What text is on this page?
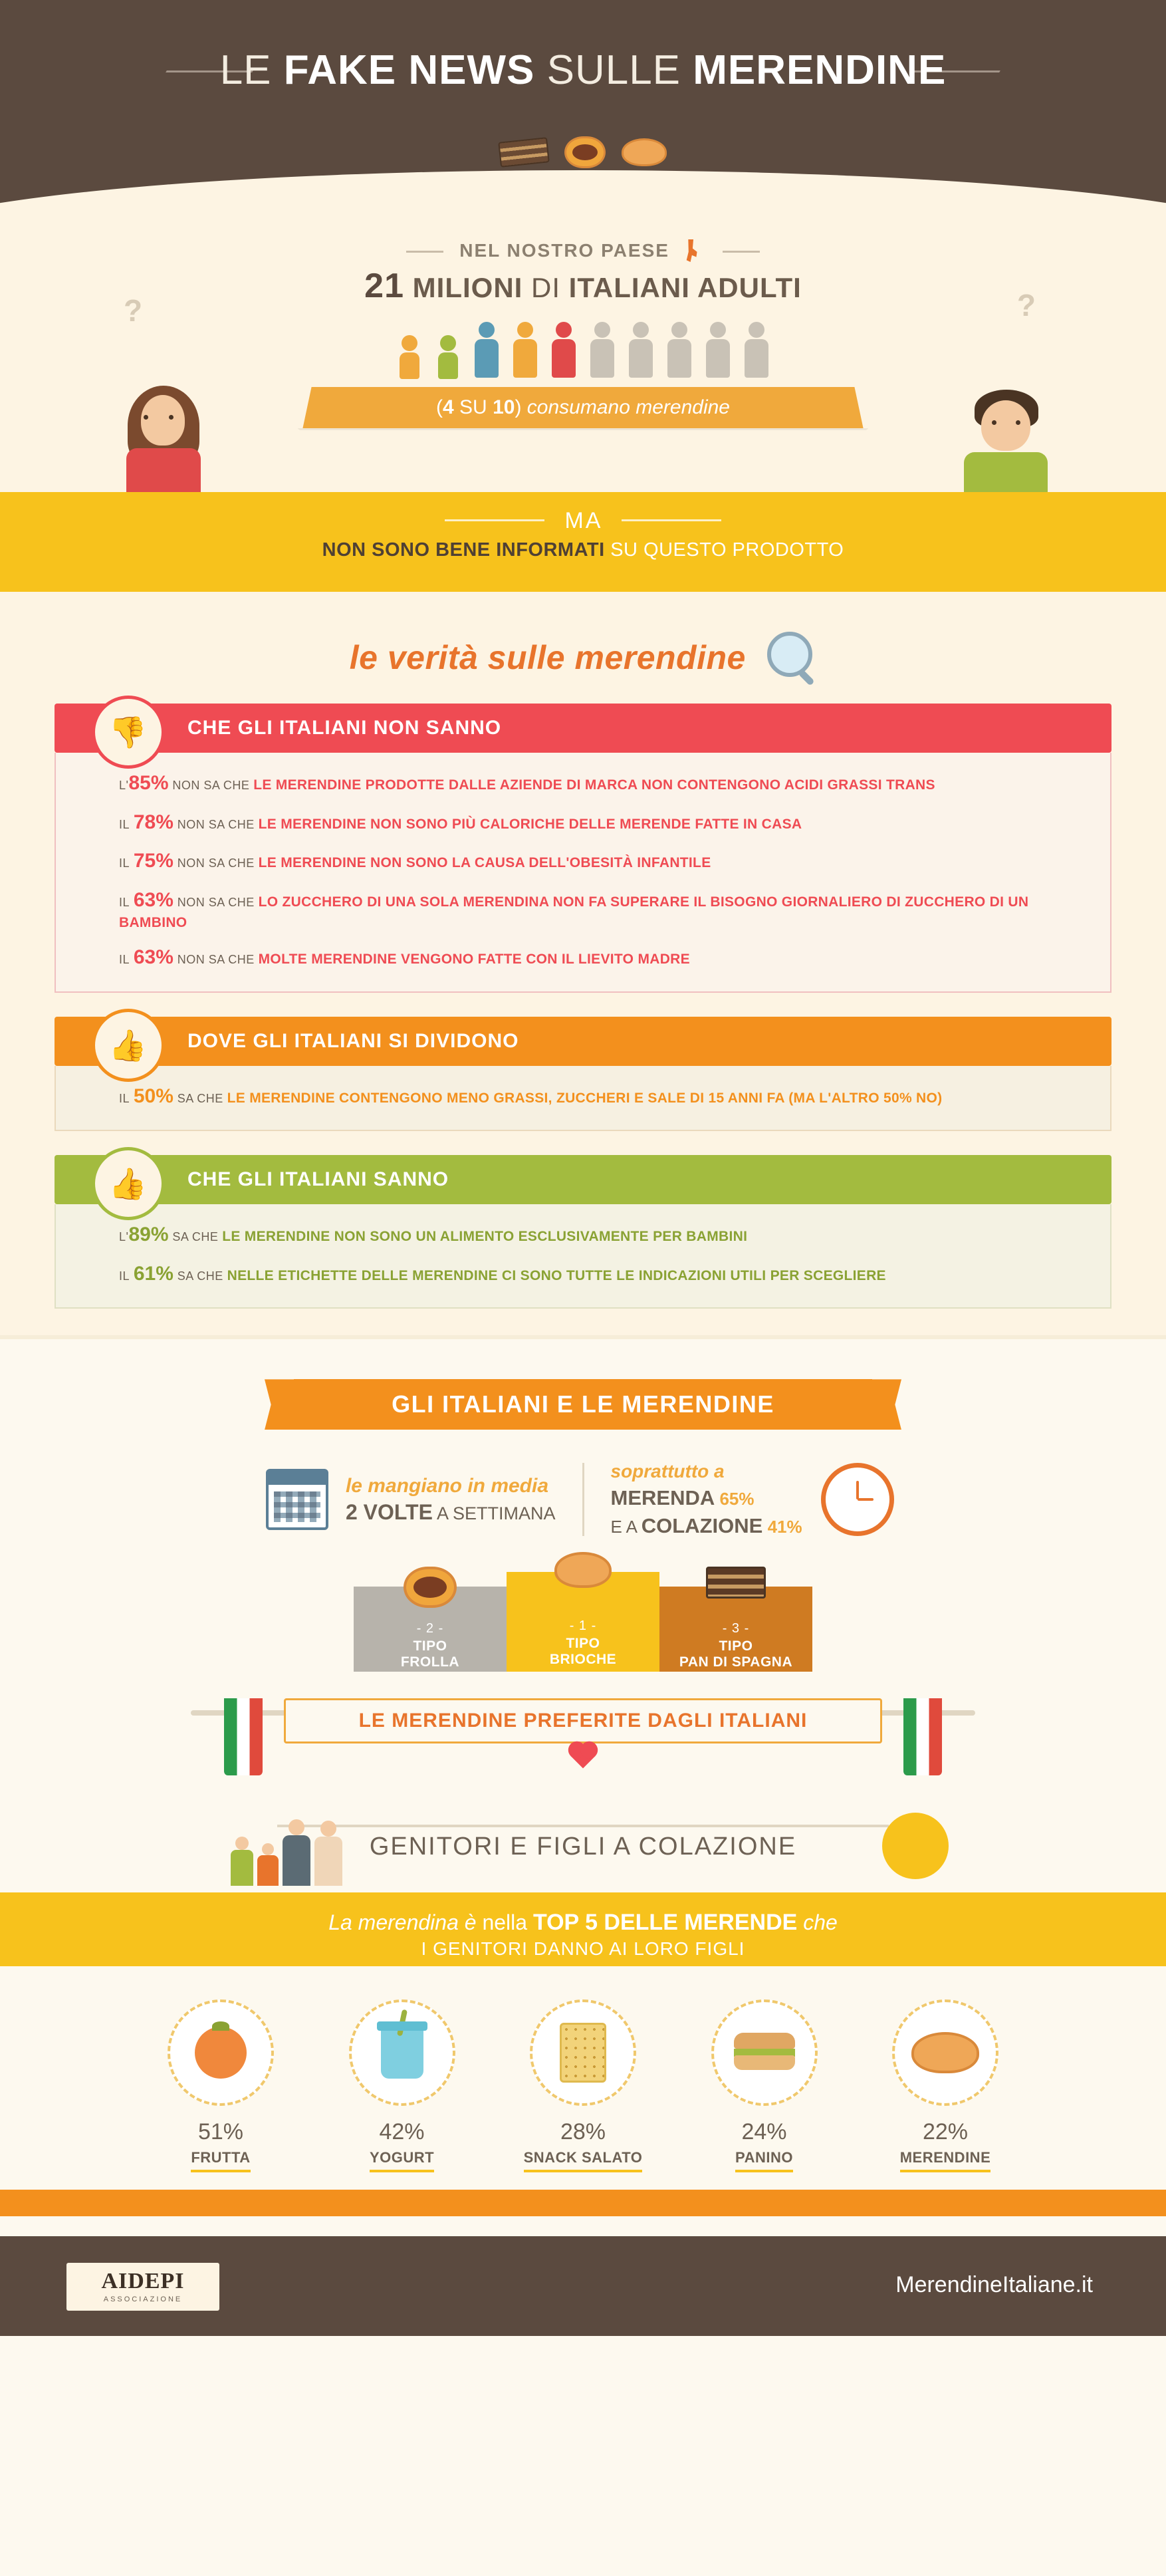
LE FAKE NEWS SULLE MERENDINE

?	?
NEL NOSTRO PAESE
21 MILIONI DI ITALIANI ADULTI
( 4
SU
10 )
consumano merendine
MA
NON SONO BENE INFORMATI SU QUESTO PRODOTTO
le verità sulle merendine
👎 CHE GLI ITALIANI NON SANNO
L'85% NON SA CHE LE MERENDINE PRODOTTE DALLE AZIENDE DI MARCA NON CONTENGONO ACIDI GRASSI TRANS
IL 78% NON SA CHE LE MERENDINE NON SONO PIÙ CALORICHE DELLE MERENDE FATTE IN CASA
IL 75% NON SA CHE LE MERENDINE NON SONO LA CAUSA DELL'OBESITÀ INFANTILE
IL 63% NON SA CHE LO ZUCCHERO DI UNA SOLA MERENDINA NON FA SUPERARE IL BISOGNO GIORNALIERO DI ZUCCHERO DI UN BAMBINO
IL 63% NON SA CHE MOLTE MERENDINE VENGONO FATTE CON IL LIEVITO MADRE
👍 DOVE GLI ITALIANI SI DIVIDONO
IL 50% SA CHE LE MERENDINE CONTENGONO MENO GRASSI, ZUCCHERI E SALE DI 15 ANNI FA (MA L'ALTRO 50% NO)
👍 CHE GLI ITALIANI SANNO
L'89% SA CHE LE MERENDINE NON SONO UN ALIMENTO ESCLUSIVAMENTE PER BAMBINI
IL 61% SA CHE NELLE ETICHETTE DELLE MERENDINE CI SONO TUTTE LE INDICAZIONI UTILI PER SCEGLIERE
GLI ITALIANI E LE MERENDINE
le mangiano in media
2 VOLTE A SETTIMANA
soprattutto a
MERENDA 65%
E A COLAZIONE 41%
- 2 -
TIPO
FROLLA
- 1 -
TIPO
BRIOCHE
- 3 -
TIPO
PAN DI SPAGNA
LE MERENDINE PREFERITE DAGLI ITALIANI
GENITORI E FIGLI A COLAZIONE
La merendina è nella TOP 5 DELLE MERENDE che
I GENITORI DANNO AI LORO FIGLI
51%
FRUTTA
42%
YOGURT
28%
SNACK SALATO
24%
PANINO
22%
MERENDINE
AIDEPI
ASSOCIAZIONE
MerendineItaliane.it
